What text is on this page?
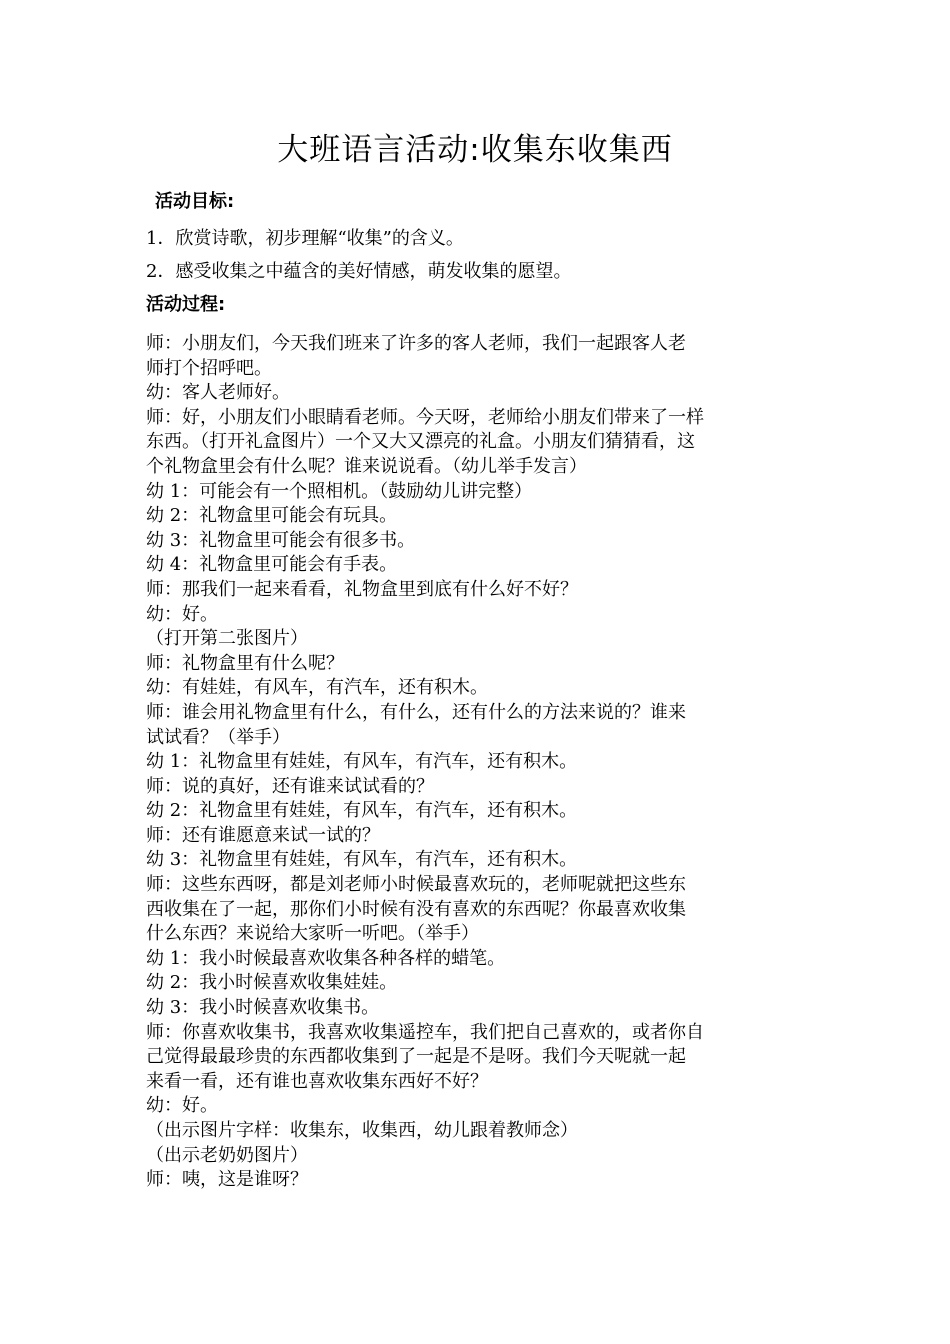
大班语言活动:收集东收集西
活动目标:
1．欣赏诗歌，初步理解“收集”的含义。
2．感受收集之中蕴含的美好情感，萌发收集的愿望。
活动过程:
师：小朋友们，今天我们班来了许多的客人老师，我们一起跟客人老
师打个招呼吧。
幼：客人老师好。
师：好，小朋友们小眼睛看老师。今天呀，老师给小朋友们带来了一样
东西。（打开礼盒图片）一个又大又漂亮的礼盒。小朋友们猜猜看，这
个礼物盒里会有什么呢？谁来说说看。（幼儿举手发言）
幼 1：可能会有一个照相机。（鼓励幼儿讲完整）
幼 2：礼物盒里可能会有玩具。
幼 3：礼物盒里可能会有很多书。
幼 4：礼物盒里可能会有手表。
师：那我们一起来看看，礼物盒里到底有什么好不好？
幼：好。
（打开第二张图片）
师：礼物盒里有什么呢？
幼：有娃娃，有风车，有汽车，还有积木。
师：谁会用礼物盒里有什么，有什么，还有什么的方法来说的？谁来
试试看？（举手）
幼 1：礼物盒里有娃娃，有风车，有汽车，还有积木。
师：说的真好，还有谁来试试看的？
幼 2：礼物盒里有娃娃，有风车，有汽车，还有积木。
师：还有谁愿意来试一试的？
幼 3：礼物盒里有娃娃，有风车，有汽车，还有积木。
师：这些东西呀，都是刘老师小时候最喜欢玩的，老师呢就把这些东
西收集在了一起，那你们小时候有没有喜欢的东西呢？你最喜欢收集
什么东西？来说给大家听一听吧。（举手）
幼 1：我小时候最喜欢收集各种各样的蜡笔。
幼 2：我小时候喜欢收集娃娃。
幼 3：我小时候喜欢收集书。
师：你喜欢收集书，我喜欢收集遥控车，我们把自己喜欢的，或者你自
己觉得最最珍贵的东西都收集到了一起是不是呀。我们今天呢就一起
来看一看，还有谁也喜欢收集东西好不好？
幼：好。
（出示图片字样：收集东，收集西，幼儿跟着教师念）
（出示老奶奶图片）
师：咦，这是谁呀？
